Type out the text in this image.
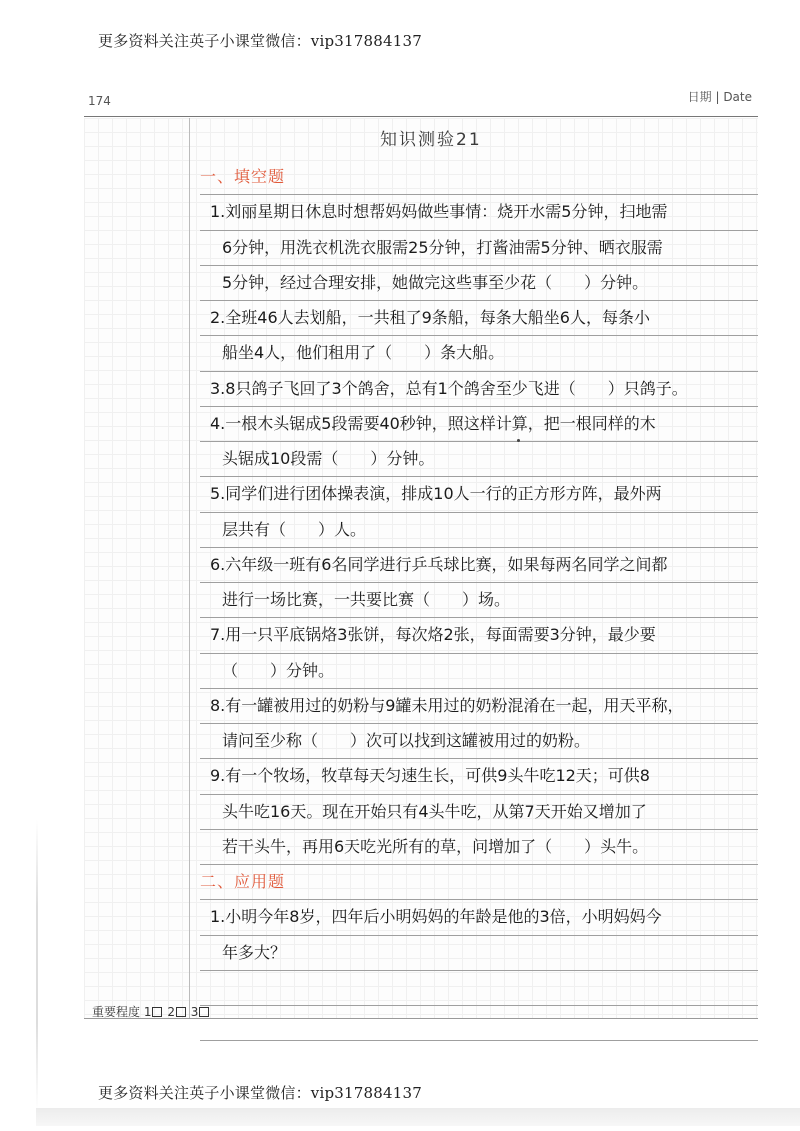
更多资料关注英子小课堂微信：vip317884137
174	日期 | Date
知识测验21
一、填空题
1.刘丽星期日休息时想帮妈妈做些事情：烧开水需5分钟，扫地需
6分钟，用洗衣机洗衣服需25分钟，打酱油需5分钟、晒衣服需
5分钟，经过合理安排，她做完这些事至少花（　　）分钟。
2.全班46人去划船，一共租了9条船，每条大船坐6人，每条小
船坐4人，他们租用了（　　）条大船。
3.8只鸽子飞回了3个鸽舍，总有1个鸽舍至少飞进（　　）只鸽子。
4.一根木头锯成5段需要40秒钟，照这样计算，把一根同样的木
头锯成10段需（　　）分钟。
5.同学们进行团体操表演，排成10人一行的正方形方阵，最外两
层共有（　　）人。
6.六年级一班有6名同学进行乒乓球比赛，如果每两名同学之间都
进行一场比赛，一共要比赛（　　）场。
7.用一只平底锅烙3张饼，每次烙2张，每面需要3分钟，最少要
（　　）分钟。
8.有一罐被用过的奶粉与9罐未用过的奶粉混淆在一起，用天平称，
请问至少称（　　）次可以找到这罐被用过的奶粉。
9.有一个牧场，牧草每天匀速生长，可供9头牛吃12天；可供8
头牛吃16天。现在开始只有4头牛吃，从第7天开始又增加了
若干头牛，再用6天吃光所有的草，问增加了（　　）头牛。
二、应用题
1.小明今年8岁，四年后小明妈妈的年龄是他的3倍，小明妈妈今
年多大？
重要程度 1 2 3
更多资料关注英子小课堂微信：vip317884137
